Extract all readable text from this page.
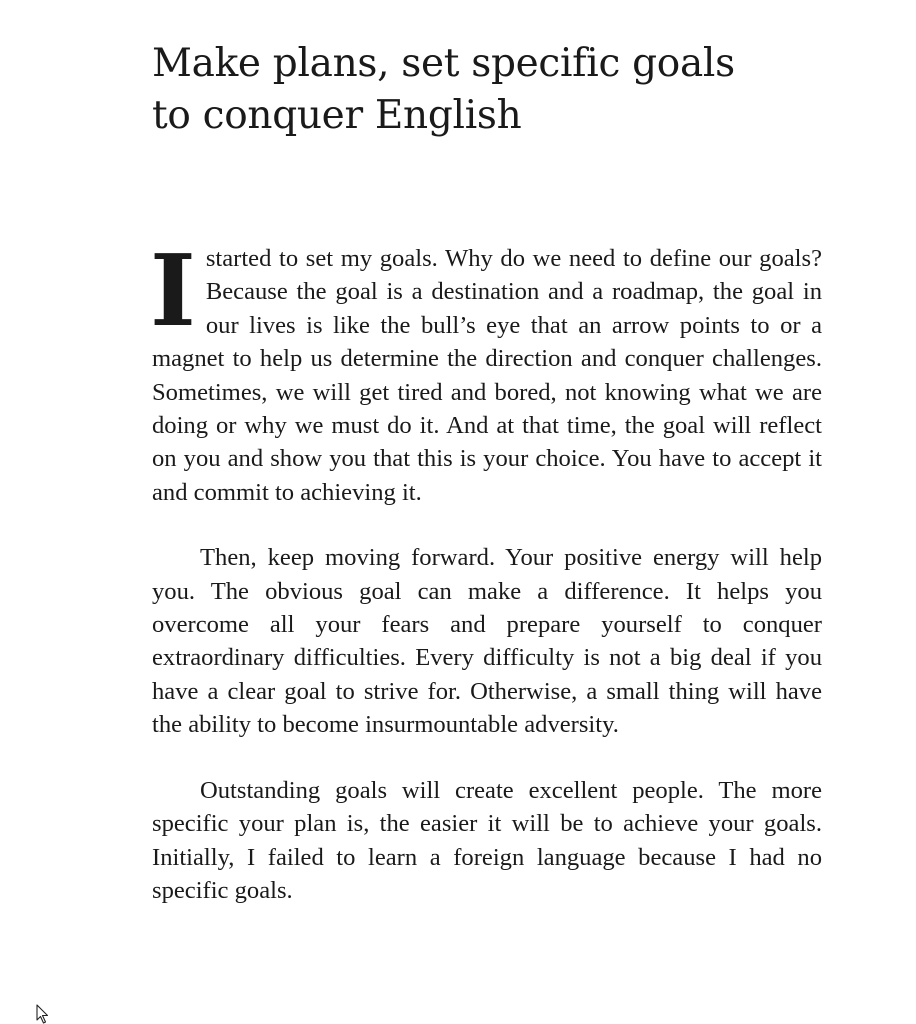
Make plans, set specific goals
to conquer English

Istarted to set my goals. Why do we need to define our goals? Because the goal is a destination and a roadmap, the goal in our lives is like the bull’s eye that an arrow points to or a magnet to help us determine the direction and conquer challenges. Sometimes, we will get tired and bored, not knowing what we are doing or why we must do it. And at that time, the goal will reflect on you and show you that this is your choice. You have to accept it and commit to achieving it.

Then, keep moving forward. Your positive energy will help you. The obvious goal can make a difference. It helps you overcome all your fears and prepare yourself to conquer extraordinary difficulties. Every difficulty is not a big deal if you have a clear goal to strive for. Otherwise, a small thing will have the ability to become insurmountable adversity.

Outstanding goals will create excellent people. The more specific your plan is, the easier it will be to achieve your goals. Initially, I failed to learn a foreign language because I had no specific goals.
